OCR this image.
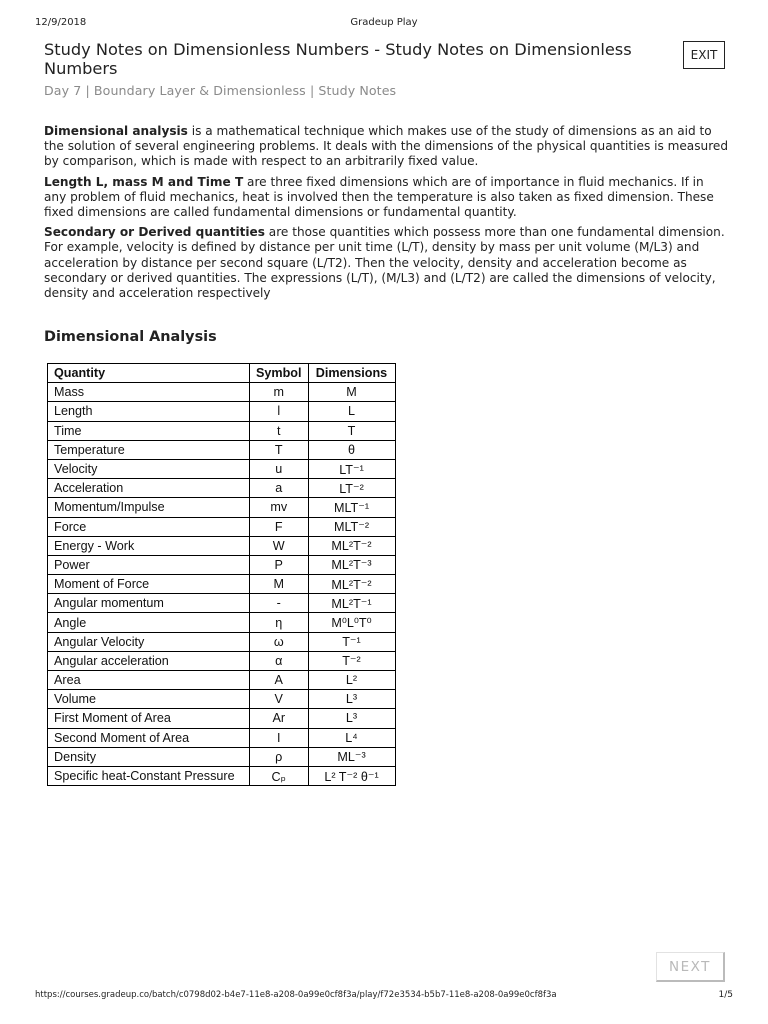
12/9/2018	Gradeup Play
Study Notes on Dimensionless Numbers - Study Notes on Dimensionless Numbers
Day 7 | Boundary Layer & Dimensionless | Study Notes
EXIT

Dimensional analysis is a mathematical technique which makes use of the study of dimensions as an aid to the solution of several engineering problems. It deals with the dimensions of the physical quantities is measured by comparison, which is made with respect to an arbitrarily fixed value.

Length L, mass M and Time T are three fixed dimensions which are of importance in fluid mechanics. If in any problem of fluid mechanics, heat is involved then the temperature is also taken as fixed dimension. These fixed dimensions are called fundamental dimensions or fundamental quantity.

Secondary or Derived quantities are those quantities which possess more than one fundamental dimension. For example, velocity is defined by distance per unit time (L/T), density by mass per unit volume (M/L3) and acceleration by distance per second square (L/T2). Then the velocity, density and acceleration become as secondary or derived quantities. The expressions (L/T), (M/L3) and (L/T2) are called the dimensions of velocity, density and acceleration respectively

Dimensional Analysis
Quantity	Symbol	Dimensions
Mass	m	M
Length	l	L
Time	t	T
Temperature	T	θ
Velocity	u	LT⁻¹
Acceleration	a	LT⁻²
Momentum/Impulse	mv	MLT⁻¹
Force	F	MLT⁻²
Energy - Work	W	ML²T⁻²
Power	P	ML²T⁻³
Moment of Force	M	ML²T⁻²
Angular momentum	-	ML²T⁻¹
Angle	η	M⁰L⁰T⁰
Angular Velocity	ω	T⁻¹
Angular acceleration	α	T⁻²
Area	A	L²
Volume	V	L³
First Moment of Area	Ar	L³
Second Moment of Area	I	L⁴
Density	ρ	ML⁻³
Specific heat-Constant Pressure	Cₚ	L² T⁻² θ⁻¹
NEXT
https://courses.gradeup.co/batch/c0798d02-b4e7-11e8-a208-0a99e0cf8f3a/play/f72e3534-b5b7-11e8-a208-0a99e0cf8f3a	1/5
